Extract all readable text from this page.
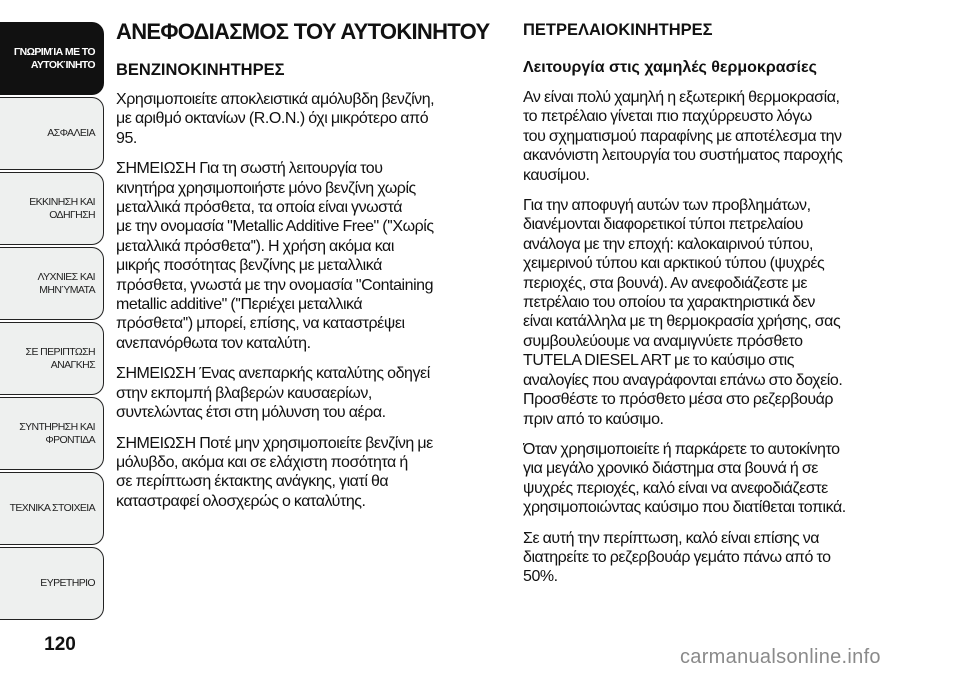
ΓΝΩΡΙΜΊΑ ΜΕ ΤΟ
ΑΥΤΟΚΊΝΗΤΟ
ΑΣΦΑΛΕΙΑ
ΕΚΚΙΝΗΣΗ ΚΑΙ
ΟΔΗΓΗΣΗ
ΛΥΧΝΙΕΣ ΚΑΙ
ΜΗΝΎΜΑΤΑ
ΣΕ ΠΕΡΙΠΤΩΣΗ
ΑΝΑΓΚΗΣ
ΣΥΝΤΗΡΗΣΗ ΚΑΙ
ΦΡΟΝΤΙΔΑ
ΤΕΧΝΙΚΑ ΣΤΟΙΧΕΙΑ
ΕΥΡΕΤΗΡΙΟ
120
ΑΝΕΦΟΔΙΑΣΜΟΣ ΤΟΥ ΑΥΤΟΚΙΝΗΤΟΥ
ΒΕΝΖΙΝΟΚΙΝΗΤΗΡΕΣ
Χρησιμοποιείτε αποκλειστικά αμόλυβδη βενζίνη,
με αριθμό οκτανίων (R.O.N.) όχι μικρότερο από
95.
ΣΗΜΕΙΩΣΗ Για τη σωστή λειτουργία του
κινητήρα χρησιμοποιήστε μόνο βενζίνη χωρίς
μεταλλικά πρόσθετα, τα οποία είναι γνωστά
με την ονομασία "Metallic Additive Free" (''Χωρίς
μεταλλικά πρόσθετα''). Η χρήση ακόμα και
μικρής ποσότητας βενζίνης με μεταλλικά
πρόσθετα, γνωστά με την ονομασία "Containing
metallic additive" (''Περιέχει μεταλλικά
πρόσθετα'') μπορεί, επίσης, να καταστρέψει
ανεπανόρθωτα τον καταλύτη.
ΣΗΜΕΙΩΣΗ Ένας ανεπαρκής καταλύτης οδηγεί
στην εκπομπή βλαβερών καυσαερίων,
συντελώντας έτσι στη μόλυνση του αέρα.
ΣΗΜΕΙΩΣΗ Ποτέ μην χρησιμοποιείτε βενζίνη με
μόλυβδο, ακόμα και σε ελάχιστη ποσότητα ή
σε περίπτωση έκτακτης ανάγκης, γιατί θα
καταστραφεί ολοσχερώς ο καταλύτης.
ΠΕΤΡΕΛΑΙΟΚΙΝΗΤΗΡΕΣ
Λειτουργία στις χαμηλές θερμοκρασίες
Αν είναι πολύ χαμηλή η εξωτερική θερμοκρασία,
το πετρέλαιο γίνεται πιο παχύρρευστο λόγω
του σχηματισμού παραφίνης με αποτέλεσμα την
ακανόνιστη λειτουργία του συστήματος παροχής
καυσίμου.
Για την αποφυγή αυτών των προβλημάτων,
διανέμονται διαφορετικοί τύποι πετρελαίου
ανάλογα με την εποχή: καλοκαιρινού τύπου,
χειμερινού τύπου και αρκτικού τύπου (ψυχρές
περιοχές, στα βουνά). Αν ανεφοδιάζεστε με
πετρέλαιο του οποίου τα χαρακτηριστικά δεν
είναι κατάλληλα με τη θερμοκρασία χρήσης, σας
συμβουλεύουμε να αναμιγνύετε πρόσθετο
TUTELA DIESEL ART με το καύσιμο στις
αναλογίες που αναγράφονται επάνω στο δοχείο.
Προσθέστε το πρόσθετο μέσα στο ρεζερβουάρ
πριν από το καύσιμο.
Όταν χρησιμοποιείτε ή παρκάρετε το αυτοκίνητο
για μεγάλο χρονικό διάστημα στα βουνά ή σε
ψυχρές περιοχές, καλό είναι να ανεφοδιάζεστε
χρησιμοποιώντας καύσιμο που διατίθεται τοπικά.
Σε αυτή την περίπτωση, καλό είναι επίσης να
διατηρείτε το ρεζερβουάρ γεμάτο πάνω από το
50%.
carmanualsonline.info
